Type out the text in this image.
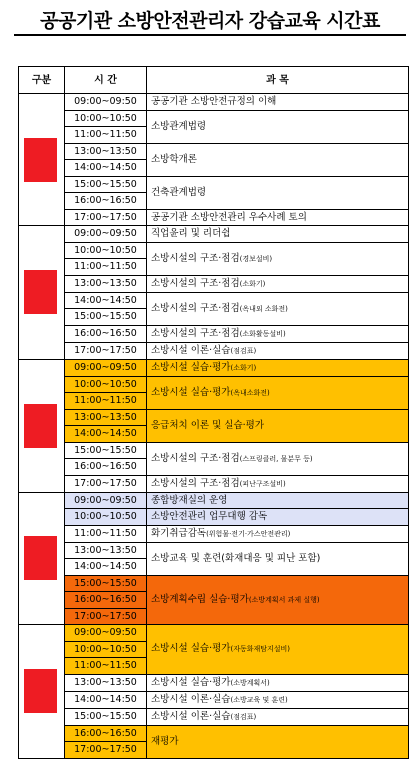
공공기관 소방안전관리자 강습교육 시간표
구분	시 간	과 목

	09:00~09:50	공공기관 소방안전규정의 이해
	10:00~10:50	소방관계법령
	11:00~11:50	
	13:00~13:50	소방학개론
	14:00~14:50	
	15:00~15:50	건축관계법령
	16:00~16:50	
	17:00~17:50	공공기관 소방안전관리 우수사례 토의

	09:00~09:50	직업윤리 및 리더쉽
	10:00~10:50	소방시설의 구조·점검(경보설비)
	11:00~11:50	
	13:00~13:50	소방시설의 구조·점검(소화기)
	14:00~14:50	소방시설의 구조·점검(옥내외 소화전)
	15:00~15:50	
	16:00~16:50	소방시설의 구조·점검(소화활동설비)
	17:00~17:50	소방시설 이론·실습(점검표)

	09:00~09:50	소방시설 실습·평가(소화기)
	10:00~10:50	소방시설 실습·평가(옥내소화전)
	11:00~11:50	
	13:00~13:50	응급처치 이론 및 실습·평가
	14:00~14:50	
	15:00~15:50	소방시설의 구조·점검(스프링클러, 물분무 등)
	16:00~16:50	
	17:00~17:50	소방시설의 구조·점검(피난구조설비)

	09:00~09:50	종합방재실의 운영
	10:00~10:50	소방안전관리 업무대행 감독
	11:00~11:50	화기취급감독(위험물·전기·가스안전관리)
	13:00~13:50	소방교육 및 훈련(화재대응 및 피난 포함)
	14:00~14:50	
	15:00~15:50	소방계획수립 실습·평가(소방계획서 과제 실행)
	16:00~16:50	
	17:00~17:50	

	09:00~09:50	소방시설 실습·평가(자동화재탐지설비)
	10:00~10:50	
	11:00~11:50	
	13:00~13:50	소방시설 실습·평가(소방계획서)
	14:00~14:50	소방시설 이론·실습(소방교육 및 훈련)
	15:00~15:50	소방시설 이론·실습(점검표)
	16:00~16:50	재평가
	17:00~17:50	
